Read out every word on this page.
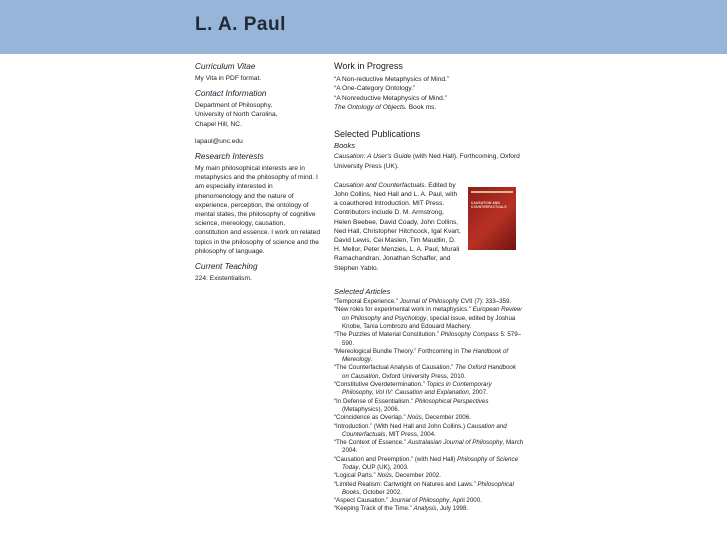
L. A. Paul
Curriculum Vitae

My Vita in PDF format.

Contact Information

Department of Philosophy,

University of North Carolina,

Chapel Hill, NC.

lapaul@unc.edu

Research Interests

My main philosophical interests are in metaphysics and the philosophy of mind. I am especially interested in phenomenology and the nature of experience, perception, the ontology of mental states, the philosophy of cognitive science, mereology, causation, constitution and essence. I work on related topics in the philosophy of science and the philosophy of language.

Current Teaching

224: Existentialism.

Work in Progress

“A Non-reductive Metaphysics of Mind.”

“A One-Category Ontology.”

“A Nonreductive Metaphysics of Mind.”

The Ontology of Objects. Book ms.

Selected Publications
Books

Causation: A User's Guide (with Ned Hall). Forthcoming, Oxford University Press (UK).

Causation and Counterfactuals. Edited by John Collins, Ned Hall and L. A. Paul, with a coauthored Introduction. MIT Press. Contributors include D. M. Armstrong, Helen Beebee, David Coady, John Collins, Ned Hall, Christopher Hitchcock, Igal Kvart, David Lewis, Cei Maslen, Tim Maudlin, D. H. Mellor, Peter Menzies, L. A. Paul, Murali Ramachandran, Jonathan Schaffer, and Stephen Yablo.

CAUSATION AND COUNTERFACTUALS
Selected Articles

“Temporal Experience.” Journal of Philosophy CVII (7): 333–359.

“New roles for experimental work in metaphysics.” European Review on Philosophy and Psychology, special issue, edited by Joshua Knobe, Tania Lombrozo and Edouard Machery.

“The Puzzles of Material Constitution.” Philosophy Compass 5: 579–590.

“Mereological Bundle Theory.” Forthcoming in The Handbook of Mereology.

“The Counterfactual Analysis of Causation.” The Oxford Handbook on Causation, Oxford University Press, 2010.

“Constitutive Overdetermination.” Topics in Contemporary Philosophy, Vol IV: Causation and Explanation, 2007.

“In Defense of Essentialism.” Philosophical Perspectives (Metaphysics), 2006.

“Coincidence as Overlap.” Noûs, December 2006.

“Introduction.” (With Ned Hall and John Collins.) Causation and Counterfactuals, MIT Press, 2004.

“The Context of Essence.” Australasian Journal of Philosophy, March 2004.

“Causation and Preemption.” (with Ned Hall) Philosophy of Science Today, OUP (UK), 2003.

“Logical Parts.” Noûs, December 2002.

“Limited Realism: Cartwright on Natures and Laws.” Philosophical Books, October 2002.

“Aspect Causation.” Journal of Philosophy, April 2000.

“Keeping Track of the Time.” Analysis, July 1998.
